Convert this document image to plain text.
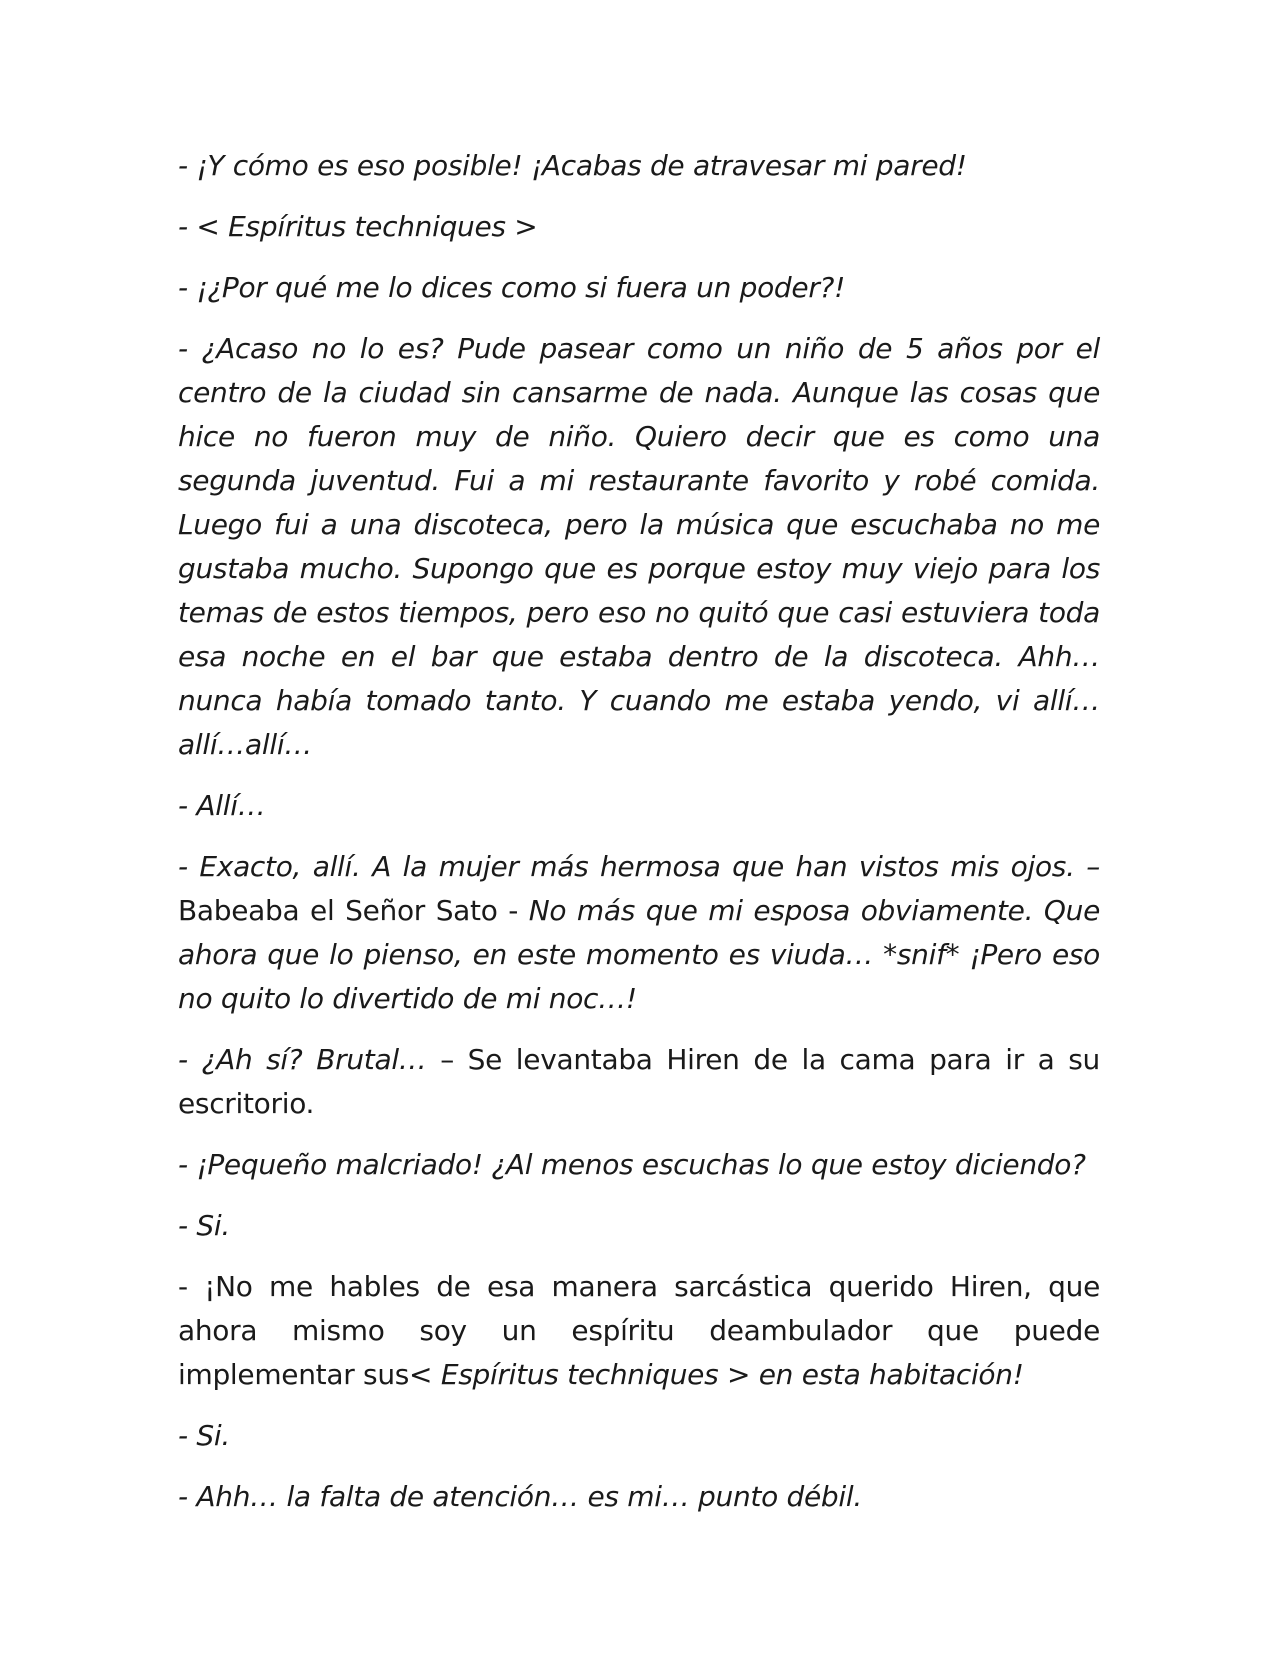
- ¡Y cómo es eso posible! ¡Acabas de atravesar mi pared!

- < Espíritus techniques >

- ¡¿Por qué me lo dices como si fuera un poder?!

- ¿Acaso no lo es? Pude pasear como un niño de 5 años por el centro de la ciudad sin cansarme de nada. Aunque las cosas que hice no fueron muy de niño. Quiero decir que es como una segunda juventud. Fui a mi restaurante favorito y robé comida. Luego fui a una discoteca, pero la música que escuchaba no me gustaba mucho. Supongo que es porque estoy muy viejo para los temas de estos tiempos, pero eso no quitó que casi estuviera toda esa noche en el bar que estaba dentro de la discoteca. Ahh… nunca había tomado tanto. Y cuando me estaba yendo, vi allí…allí…allí…

- Allí…

- Exacto, allí. A la mujer más hermosa que han vistos mis ojos. – Babeaba el Señor Sato - No más que mi esposa obviamente. Que ahora que lo pienso, en este momento es viuda… *snif* ¡Pero eso no quito lo divertido de mi noc…!

- ¿Ah sí? Brutal… – Se levantaba Hiren de la cama para ir a su escritorio.

- ¡Pequeño malcriado! ¿Al menos escuchas lo que estoy diciendo?

- Si.

- ¡No me hables de esa manera sarcástica querido Hiren, que ahora mismo soy un espíritu deambulador que puede implementar sus< Espíritus techniques > en esta habitación!

- Si.

- Ahh… la falta de atención… es mi… punto débil.
